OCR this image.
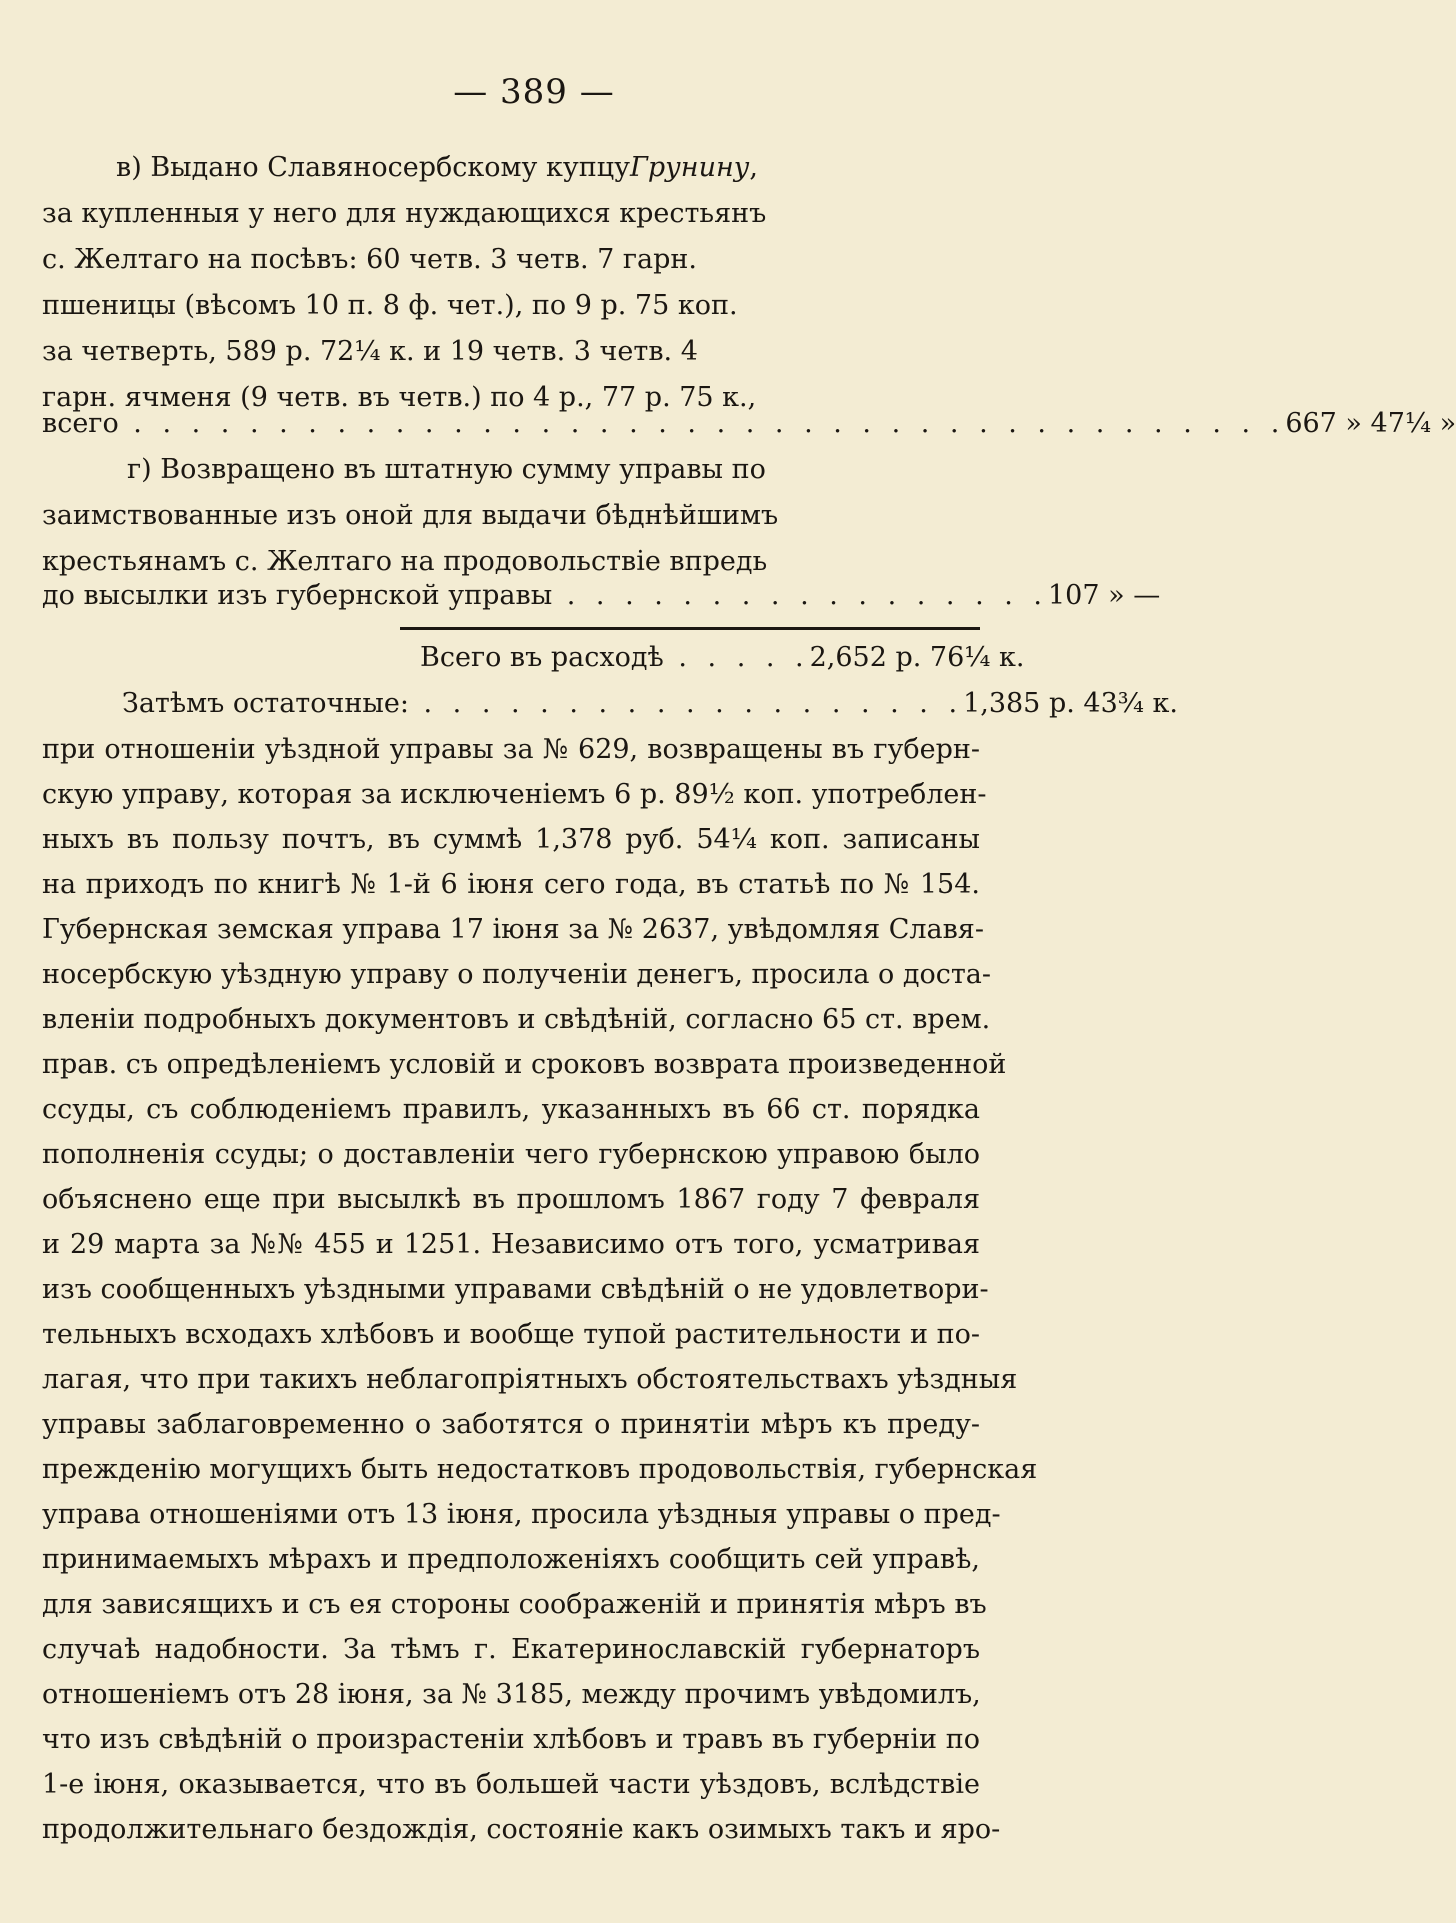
— 389 —
в) Выдано Славяносербскому купцу Грунину ,
за купленныя у него для нуждающихся крестьянъ
с. Желтаго на посѣвъ: 60 четв. 3 четв. 7 гарн.
пшеницы (вѣсомъ 10 п. 8 ф. чет.), по 9 р. 75 коп.
за четверть, 589 р. 72¼ к. и 19 четв. 3 четв. 4
гарн. ячменя (9 четв. въ четв.) по 4 р., 77 р. 75 к.,
всего . . . . . . . . . . . . . . . . . . . . . . . . . . . . . . . . . . . . . . . . 667 » 47¼ »
г) Возвращено въ штатную сумму управы по
заимствованные изъ оной для выдачи бѣднѣйшимъ
крестьянамъ с. Желтаго на продовольствіе впредь
до высылки изъ губернской управы . . . . . . . . . . . . . . . . . 107 » —
Всего въ расходѣ . . . . . 2,652 р. 76¼ к.
Затѣмъ остаточные: . . . . . . . . . . . . . . . . . . . 1,385 р. 43¾ к.
при отношеніи уѣздной управы за № 629, возвращены въ губерн-
скую управу, которая за исключеніемъ 6 р. 89½ коп. употреблен-
ныхъ въ пользу почтъ, въ суммѣ 1,378 руб. 54¼ коп. записаны
на приходъ по книгѣ № 1-й 6 іюня сего года, въ статьѣ по № 154.
Губернская земская управа 17 іюня за № 2637, увѣдомляя Славя-
носербскую уѣздную управу о полученіи денегъ, просила о доста-
вленіи подробныхъ документовъ и свѣдѣній, согласно 65 ст. врем.
прав. съ опредѣленіемъ условій и сроковъ возврата произведенной
ссуды, съ соблюденіемъ правилъ, указанныхъ въ 66 ст. порядка
пополненія ссуды; о доставленіи чего губернскою управою было
объяснено еще при высылкѣ въ прошломъ 1867 году 7 февраля
и 29 марта за №№ 455 и 1251. Независимо отъ того, усматривая
изъ сообщенныхъ уѣздными управами свѣдѣній о не удовлетвори-
тельныхъ всходахъ хлѣбовъ и вообще тупой растительности и по-
лагая, что при такихъ неблагопріятныхъ обстоятельствахъ уѣздныя
управы заблаговременно о заботятся о принятіи мѣръ къ преду-
прежденію могущихъ быть недостатковъ продовольствія, губернская
управа отношеніями отъ 13 іюня, просила уѣздныя управы о пред-
принимаемыхъ мѣрахъ и предположеніяхъ сообщить сей управѣ,
для зависящихъ и съ ея стороны соображеній и принятія мѣръ въ
случаѣ надобности. За тѣмъ г. Екатеринославскій губернаторъ
отношеніемъ отъ 28 іюня, за № 3185, между прочимъ увѣдомилъ,
что изъ свѣдѣній о произрастеніи хлѣбовъ и травъ въ губерніи по
1-е іюня, оказывается, что въ большей части уѣздовъ, вслѣдствіе
продолжительнаго бездождія, состояніе какъ озимыхъ такъ и яро-
